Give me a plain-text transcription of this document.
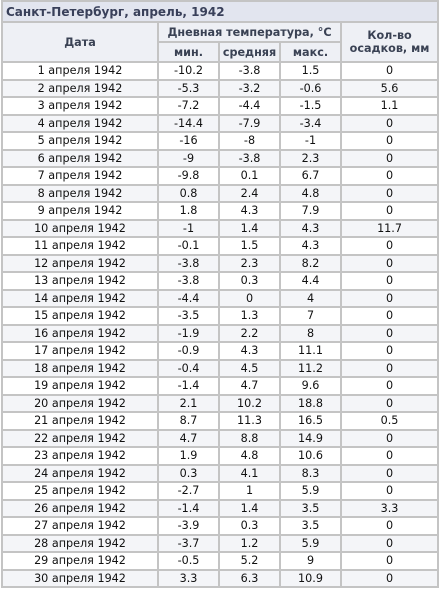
Санкт-Петербург, апрель, 1942				
Дата	Дневная температура, °C			Кол-во
осадков, мм
	мин.	средняя	макс.	
1 апреля 1942	-10.2	-3.8	1.5	0
2 апреля 1942	-5.3	-3.2	-0.6	5.6
3 апреля 1942	-7.2	-4.4	-1.5	1.1
4 апреля 1942	-14.4	-7.9	-3.4	0
5 апреля 1942	-16	-8	-1	0
6 апреля 1942	-9	-3.8	2.3	0
7 апреля 1942	-9.8	0.1	6.7	0
8 апреля 1942	0.8	2.4	4.8	0
9 апреля 1942	1.8	4.3	7.9	0
10 апреля 1942	-1	1.4	4.3	11.7
11 апреля 1942	-0.1	1.5	4.3	0
12 апреля 1942	-3.8	2.3	8.2	0
13 апреля 1942	-3.8	0.3	4.4	0
14 апреля 1942	-4.4	0	4	0
15 апреля 1942	-3.5	1.3	7	0
16 апреля 1942	-1.9	2.2	8	0
17 апреля 1942	-0.9	4.3	11.1	0
18 апреля 1942	-0.4	4.5	11.2	0
19 апреля 1942	-1.4	4.7	9.6	0
20 апреля 1942	2.1	10.2	18.8	0
21 апреля 1942	8.7	11.3	16.5	0.5
22 апреля 1942	4.7	8.8	14.9	0
23 апреля 1942	1.9	4.8	10.6	0
24 апреля 1942	0.3	4.1	8.3	0
25 апреля 1942	-2.7	1	5.9	0
26 апреля 1942	-1.4	1.4	3.5	3.3
27 апреля 1942	-3.9	0.3	3.5	0
28 апреля 1942	-3.7	1.2	5.9	0
29 апреля 1942	-0.5	5.2	9	0
30 апреля 1942	3.3	6.3	10.9	0
